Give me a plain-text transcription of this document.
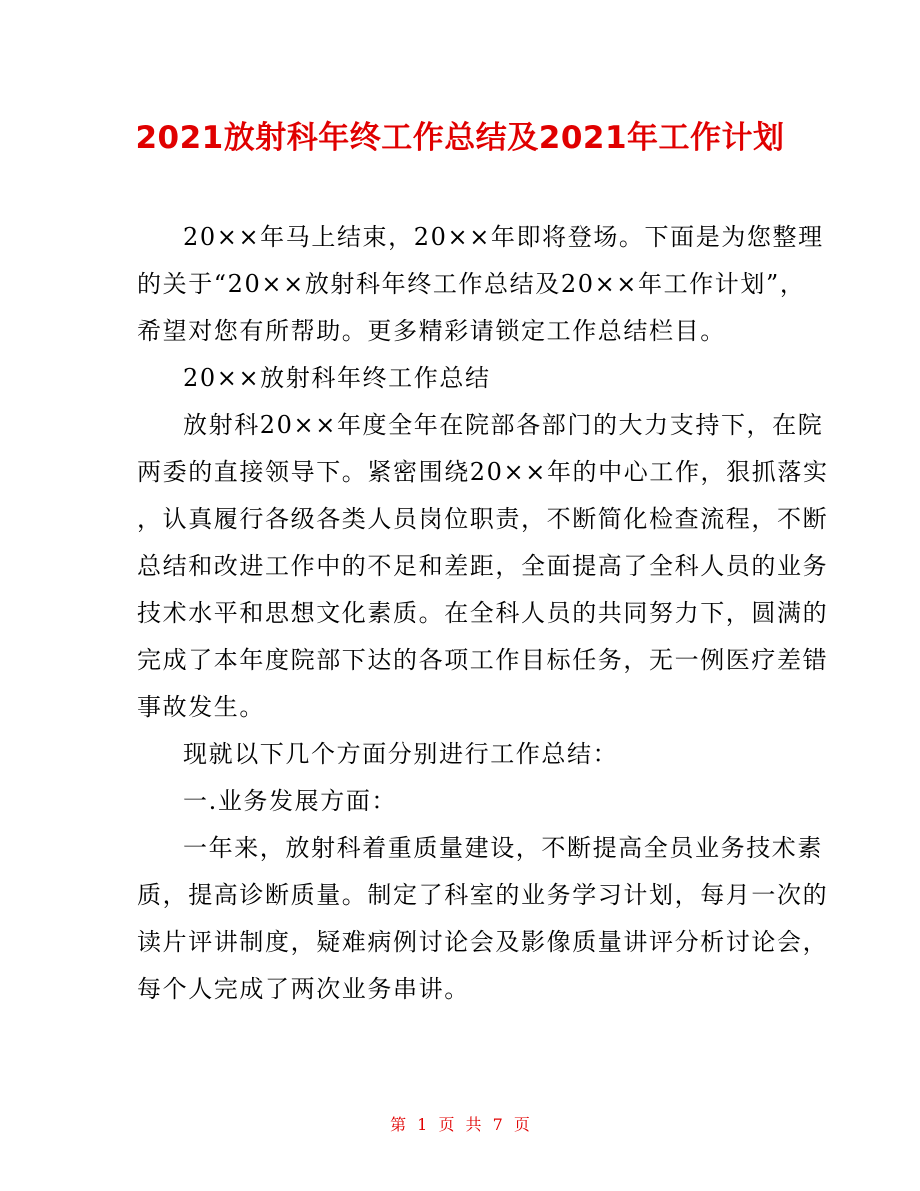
2021放射科年终工作总结及2021年工作计划
20××年马上结束，20××年即将登场。下面是为您整理
的关于“20××放射科年终工作总结及20××年工作计划”，
希望对您有所帮助。更多精彩请锁定工作总结栏目。
20××放射科年终工作总结
放射科20××年度全年在院部各部门的大力支持下，在院
两委的直接领导下。紧密围绕20××年的中心工作，狠抓落实
，认真履行各级各类人员岗位职责，不断简化检查流程，不断
总结和改进工作中的不足和差距，全面提高了全科人员的业务
技术水平和思想文化素质。在全科人员的共同努力下，圆满的
完成了本年度院部下达的各项工作目标任务，无一例医疗差错
事故发生。
现就以下几个方面分别进行工作总结：
一.业务发展方面：
一年来，放射科着重质量建设，不断提高全员业务技术素
质，提高诊断质量。制定了科室的业务学习计划，每月一次的
读片评讲制度，疑难病例讨论会及影像质量讲评分析讨论会，
每个人完成了两次业务串讲。
第 1 页 共 7 页
